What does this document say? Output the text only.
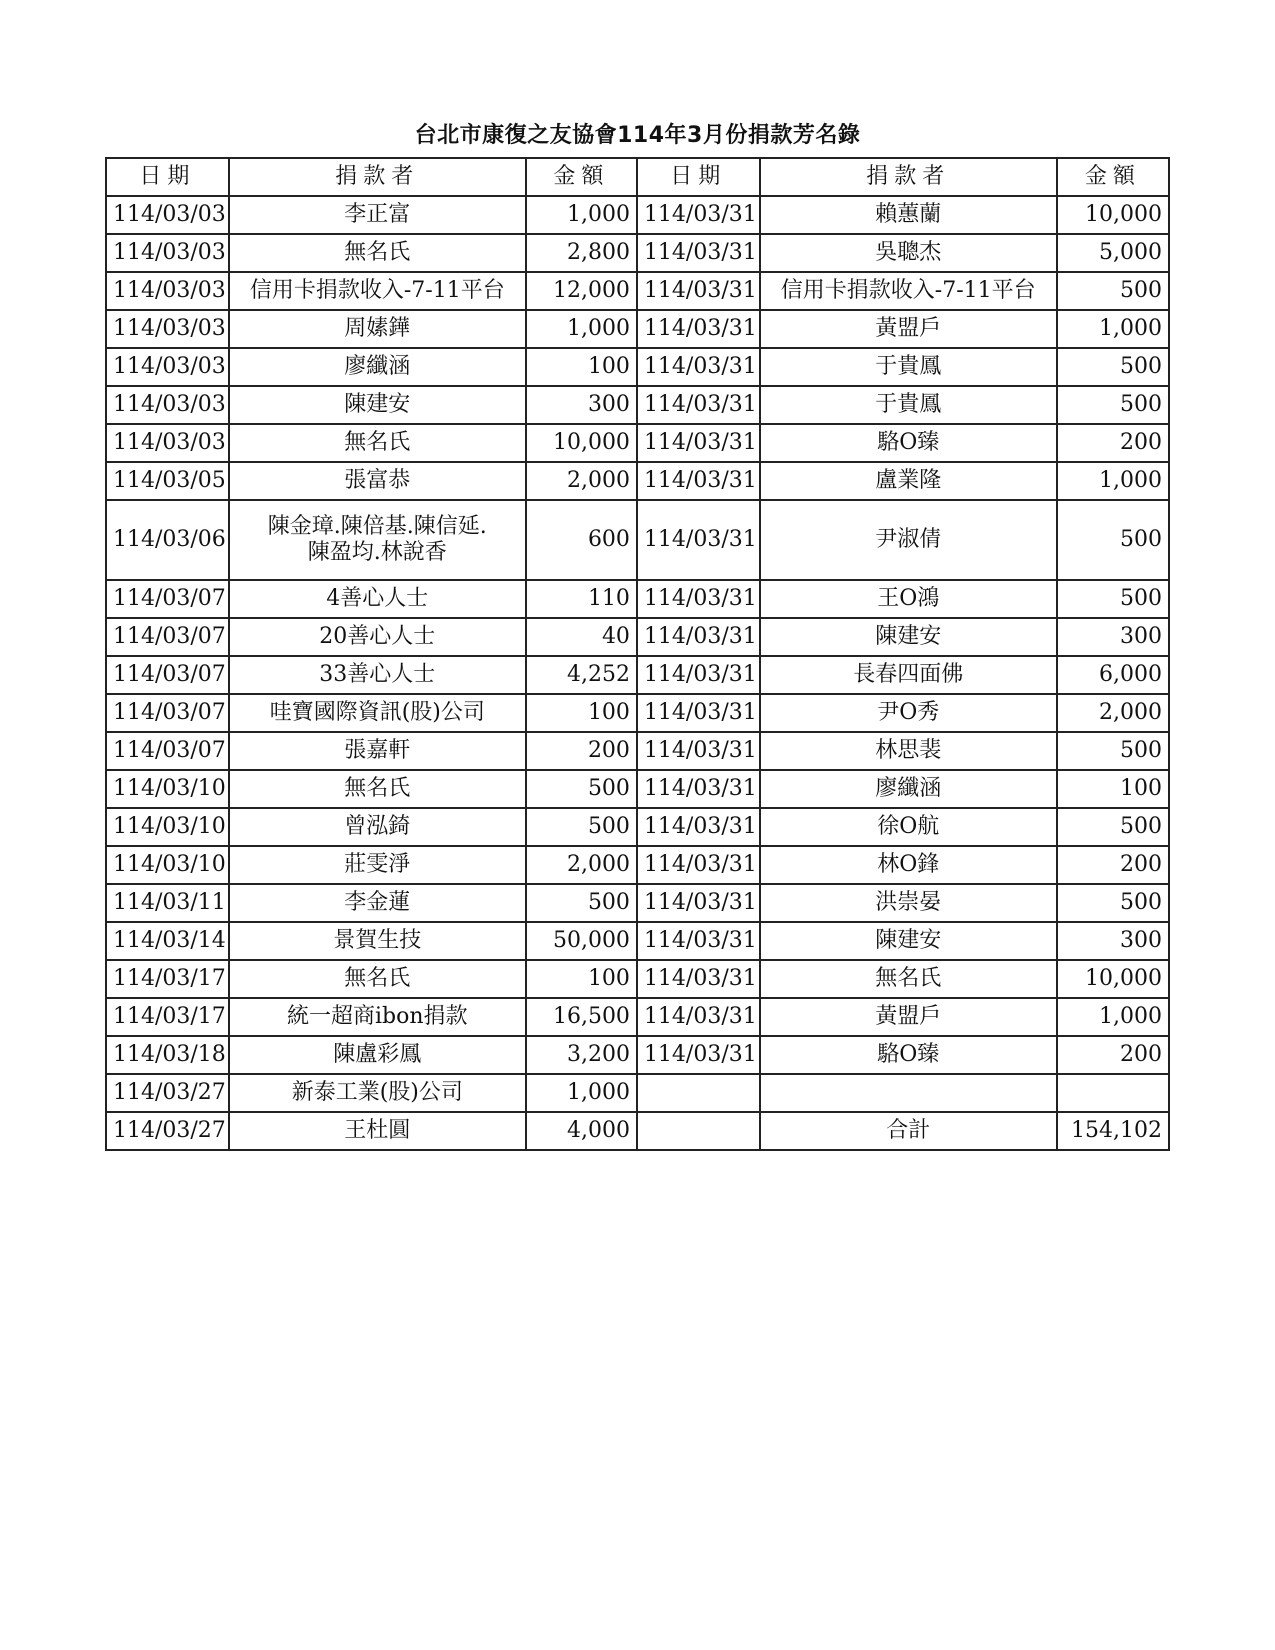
台北市康復之友協會114年3月份捐款芳名錄
日期	捐款者	金額	日期	捐款者	金額
114/03/03	李正富	1,000	114/03/31	賴蕙蘭	10,000
114/03/03	無名氏	2,800	114/03/31	吳聰杰	5,000
114/03/03	信用卡捐款收入-7-11平台	12,000	114/03/31	信用卡捐款收入-7-11平台	500
114/03/03	周嫊鏵	1,000	114/03/31	黃盟戶	1,000
114/03/03	廖纖涵	100	114/03/31	于貴鳳	500
114/03/03	陳建安	300	114/03/31	于貴鳳	500
114/03/03	無名氏	10,000	114/03/31	駱O臻	200
114/03/05	張富恭	2,000	114/03/31	盧業隆	1,000
114/03/06	陳金璋.陳倍基.陳信延.
陳盈均.林說香	600	114/03/31	尹淑倩	500
114/03/07	4善心人士	110	114/03/31	王O鴻	500
114/03/07	20善心人士	40	114/03/31	陳建安	300
114/03/07	33善心人士	4,252	114/03/31	長春四面佛	6,000
114/03/07	哇寶國際資訊(股)公司	100	114/03/31	尹O秀	2,000
114/03/07	張嘉軒	200	114/03/31	林思裴	500
114/03/10	無名氏	500	114/03/31	廖纖涵	100
114/03/10	曾泓錡	500	114/03/31	徐O航	500
114/03/10	莊雯淨	2,000	114/03/31	林O鋒	200
114/03/11	李金蓮	500	114/03/31	洪崇晏	500
114/03/14	景賀生技	50,000	114/03/31	陳建安	300
114/03/17	無名氏	100	114/03/31	無名氏	10,000
114/03/17	統一超商ibon捐款	16,500	114/03/31	黃盟戶	1,000
114/03/18	陳盧彩鳳	3,200	114/03/31	駱O臻	200
114/03/27	新泰工業(股)公司	1,000			
114/03/27	王杜圓	4,000		合計	154,102
